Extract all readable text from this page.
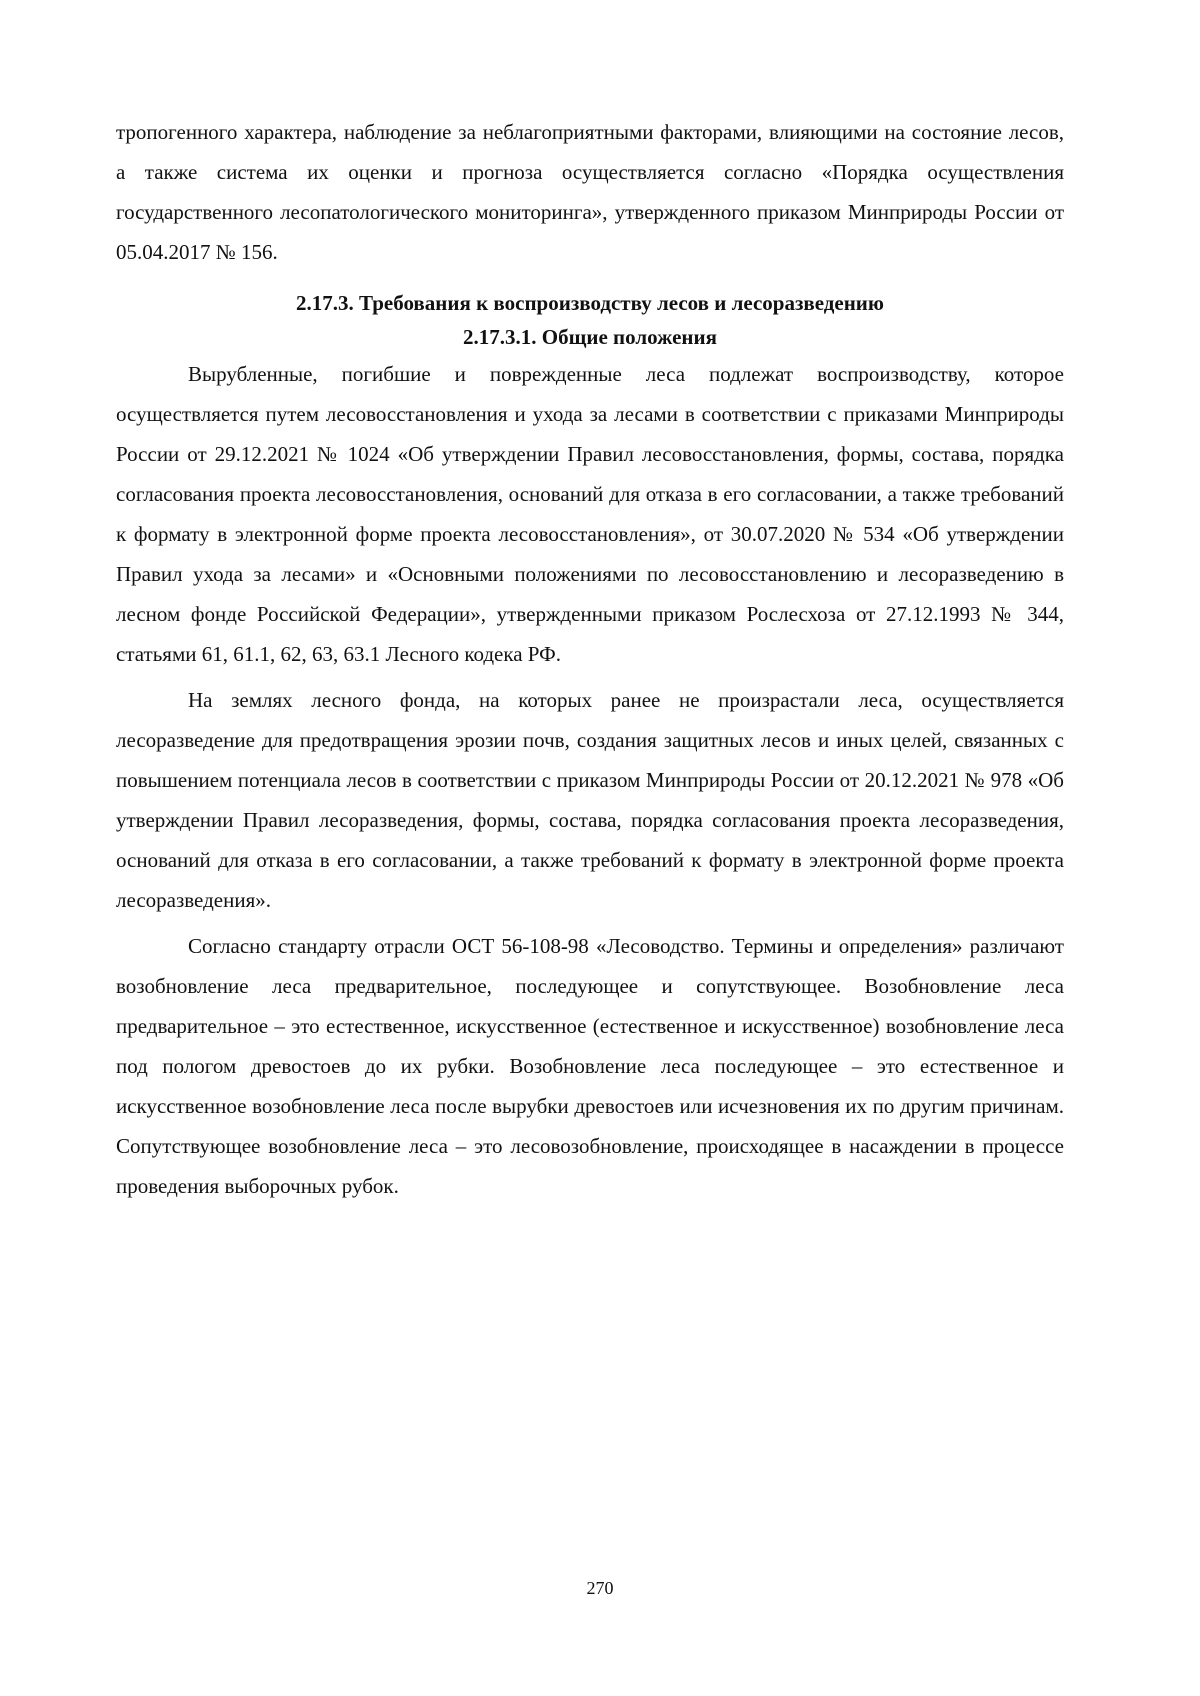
тропогенного характера, наблюдение за неблагоприятными факторами, влияющими на состояние лесов, а также система их оценки и прогноза осуществляется согласно «Порядка осуществления государственного лесопатологического мониторинга», утвержденного приказом Минприроды России от 05.04.2017 № 156.

2.17.3. Требования к воспроизводству лесов и лесоразведению
2.17.3.1. Общие положения

Вырубленные, погибшие и поврежденные леса подлежат воспроизводству, которое осуществляется путем лесовосстановления и ухода за лесами в соответствии с приказами Минприроды России от 29.12.2021 № 1024 «Об утверждении Правил лесовосстановления, формы, состава, порядка согласования проекта лесовосстановления, оснований для отказа в его согласовании, а также требований к формату в электронной форме проекта лесовосстановления», от 30.07.2020 № 534 «Об утверждении Правил ухода за лесами» и «Основными положениями по лесовосстановлению и лесоразведению в лесном фонде Российской Федерации», утвержденными приказом Рослесхоза от 27.12.1993 № 344, статьями 61, 61.1, 62, 63, 63.1 Лесного кодека РФ.

На землях лесного фонда, на которых ранее не произрастали леса, осуществляется лесоразведение для предотвращения эрозии почв, создания защитных лесов и иных целей, связанных с повышением потенциала лесов в соответствии с приказом Минприроды России от 20.12.2021 № 978 «Об утверждении Правил лесоразведения, формы, состава, порядка согласования проекта лесоразведения, оснований для отказа в его согласовании, а также требований к формату в электронной форме проекта лесоразведения».

Согласно стандарту отрасли ОСТ 56-108-98 «Лесоводство. Термины и определения» различают возобновление леса предварительное, последующее и сопутствующее. Возобновление леса предварительное – это естественное, искусственное (естественное и искусственное) возобновление леса под пологом древостоев до их рубки. Возобновление леса последующее – это естественное и искусственное возобновление леса после вырубки древостоев или исчезновения их по другим причинам. Сопутствующее возобновление леса – это лесовозобновление, происходящее в насаждении в процессе проведения выборочных рубок.

270
